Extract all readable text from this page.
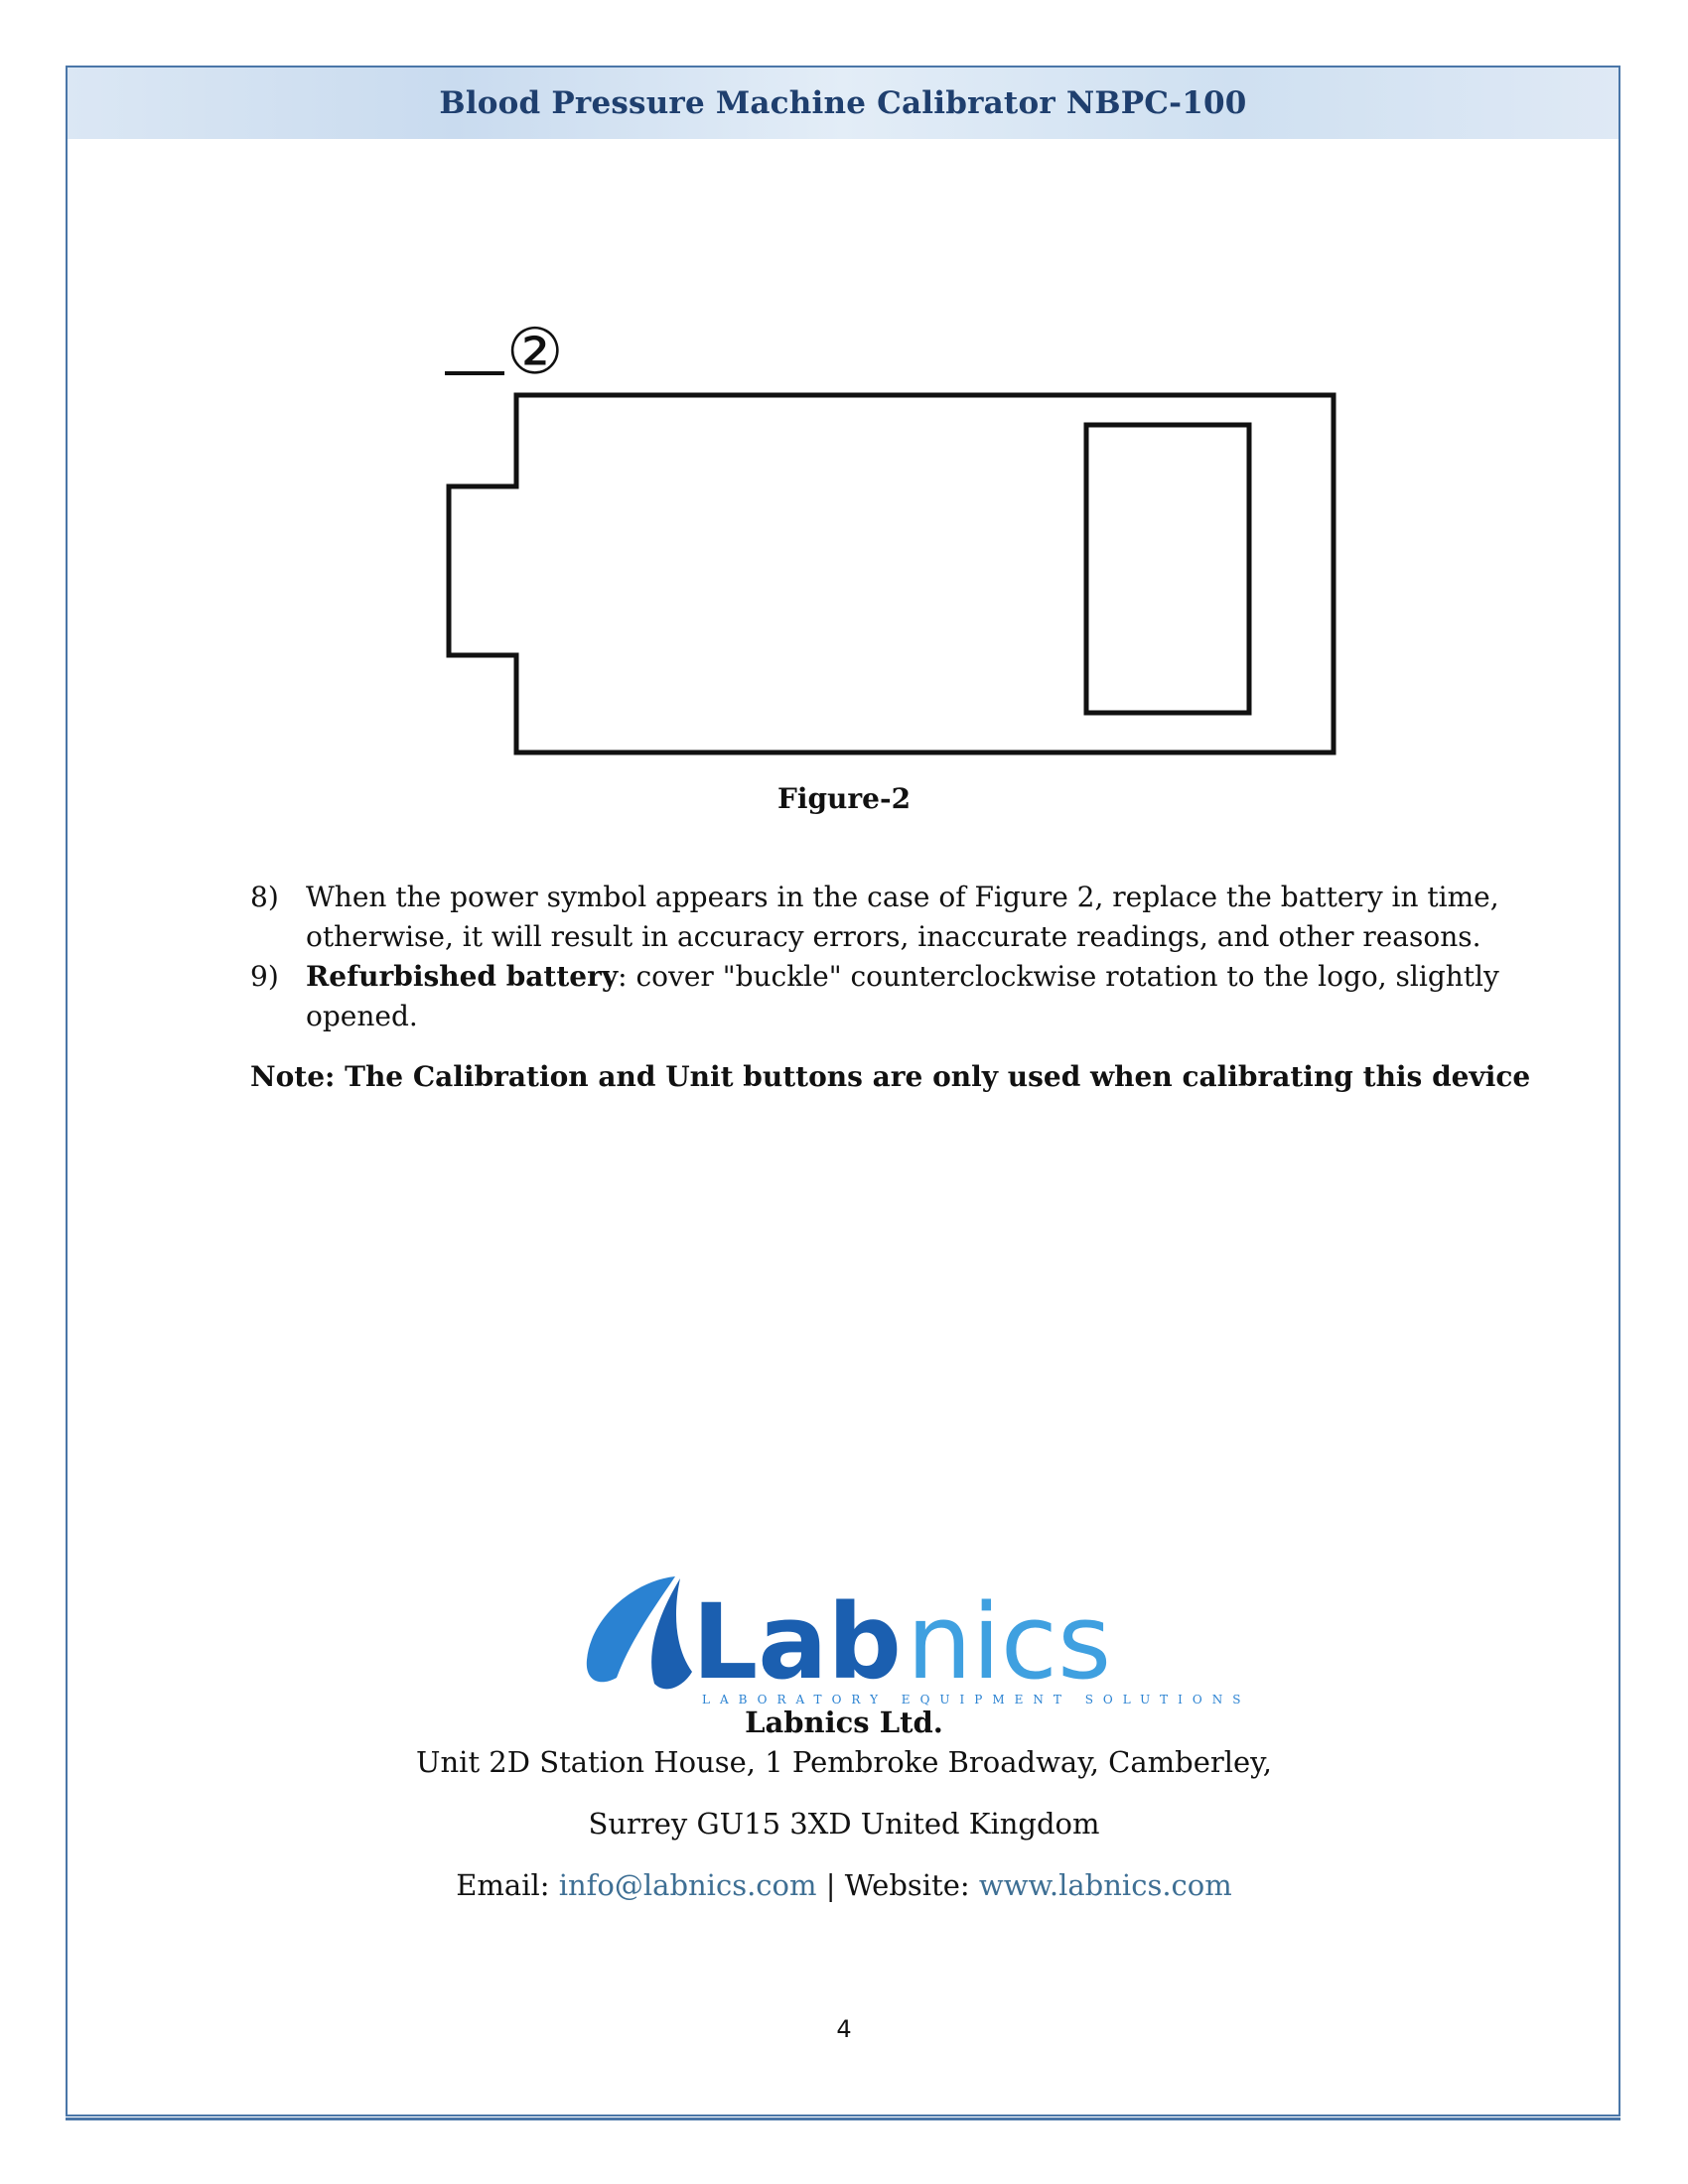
Blood Pressure Machine Calibrator NBPC-100
②
Figure-2
8) When the power symbol appears in the case of Figure 2, replace the battery in time, otherwise, it will result in accuracy errors, inaccurate readings, and other reasons.
9) Refurbished battery: cover "buckle" counterclockwise rotation to the logo, slightly opened.
Note: The Calibration and Unit buttons are only used when calibrating this device
Lab nics
LABORATORY EQUIPMENT SOLUTIONS
Labnics Ltd.
Unit 2D Station House, 1 Pembroke Broadway, Camberley,
Surrey GU15 3XD United Kingdom
Email: info@labnics.com | Website: www.labnics.com
4
